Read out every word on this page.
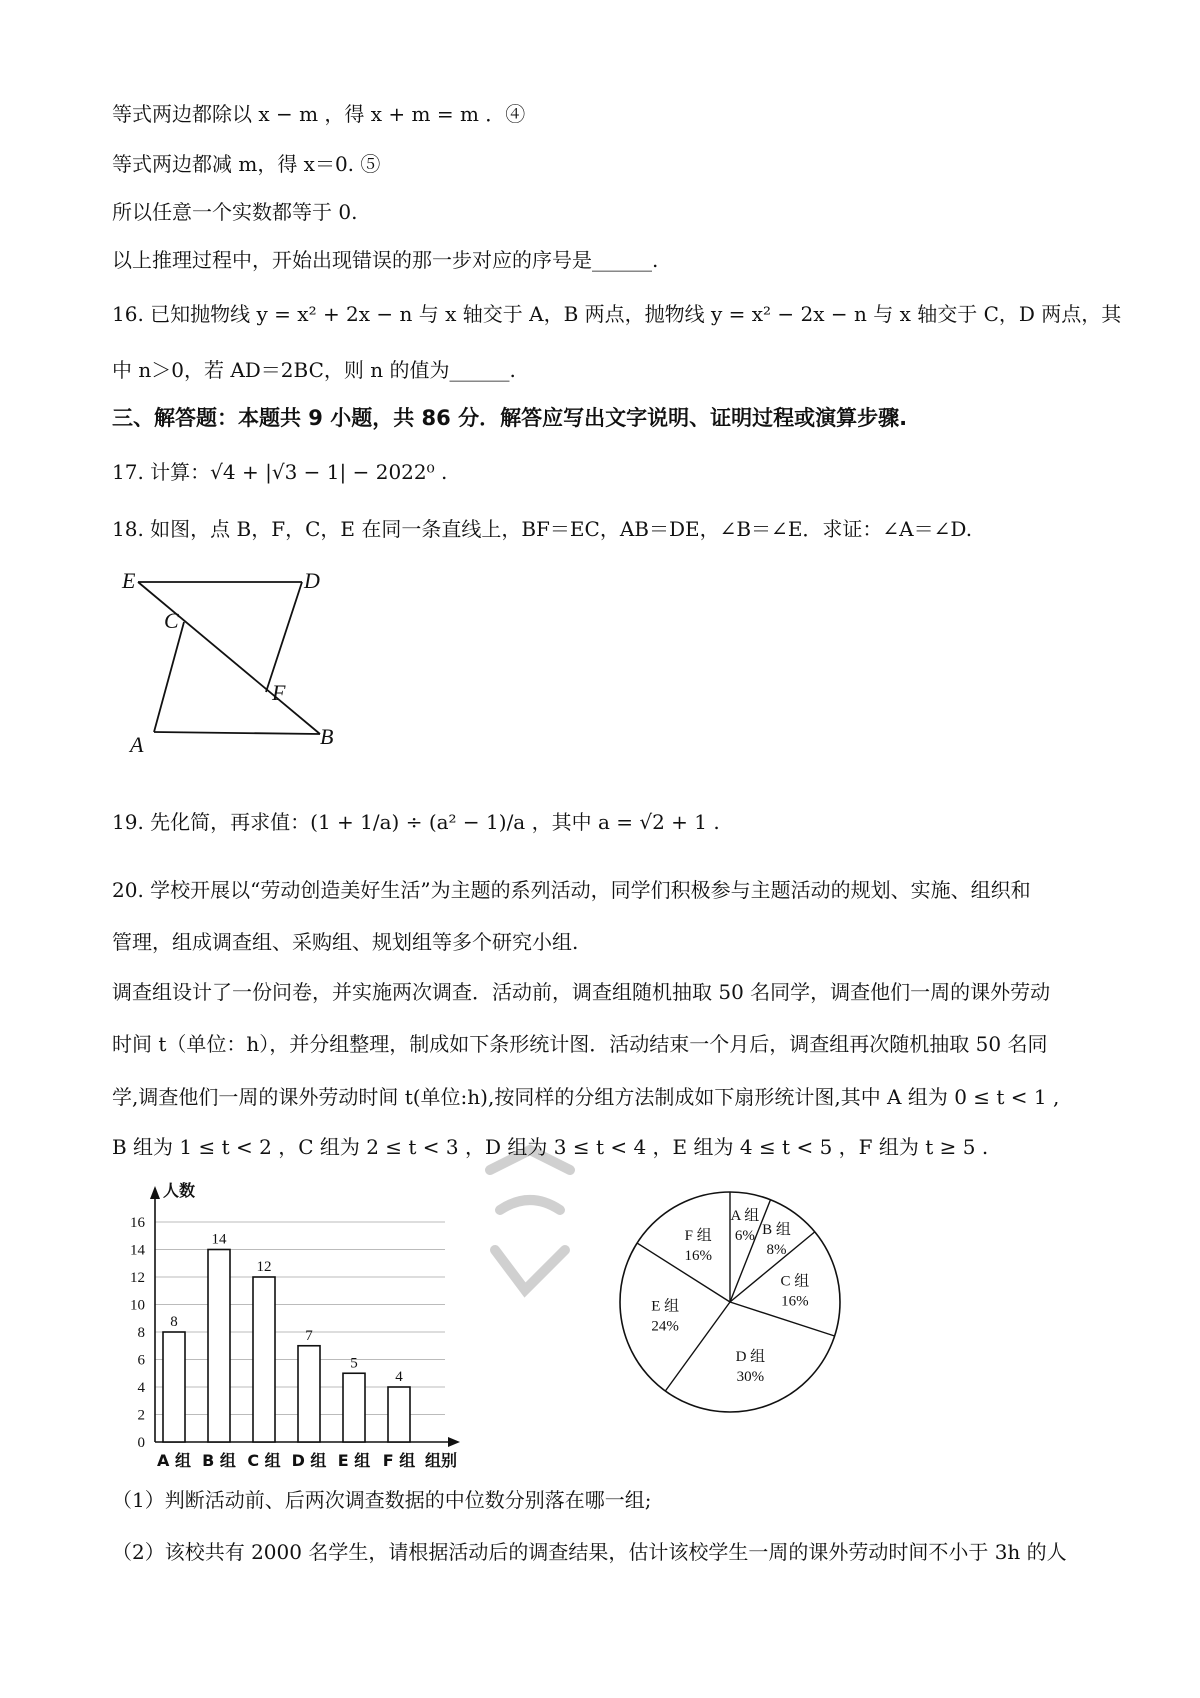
等式两边都除以 x − m ，得 x + m = m ．④
等式两边都减 m，得 x＝0. ⑤
所以任意一个实数都等于 0.
以上推理过程中，开始出现错误的那一步对应的序号是______.
16. 已知抛物线 y = x² + 2x − n 与 x 轴交于 A，B 两点，抛物线 y = x² − 2x − n 与 x 轴交于 C，D 两点，其
中 n＞0，若 AD＝2BC，则 n 的值为______.
三、解答题：本题共 9 小题，共 86 分．解答应写出文字说明、证明过程或演算步骤.
17. 计算：√4 + |√3 − 1| − 2022⁰ .
18. 如图，点 B，F，C，E 在同一条直线上，BF＝EC，AB＝DE，∠B＝∠E．求证：∠A＝∠D.
19. 先化简，再求值：(1 + 1/a) ÷ (a² − 1)/a ，其中 a = √2 + 1 .
20. 学校开展以“劳动创造美好生活”为主题的系列活动，同学们积极参与主题活动的规划、实施、组织和
管理，组成调查组、采购组、规划组等多个研究小组.
调查组设计了一份问卷，并实施两次调查．活动前，调查组随机抽取 50 名同学，调查他们一周的课外劳动
时间 t（单位：h），并分组整理，制成如下条形统计图．活动结束一个月后，调查组再次随机抽取 50 名同
学,调查他们一周的课外劳动时间 t(单位:h),按同样的分组方法制成如下扇形统计图,其中 A 组为 0 ≤ t < 1 ,
B 组为 1 ≤ t < 2 ，C 组为 2 ≤ t < 3 ，D 组为 3 ≤ t < 4 ，E 组为 4 ≤ t < 5 ，F 组为 t ≥ 5 .
（1）判断活动前、后两次调查数据的中位数分别落在哪一组;
（2）该校共有 2000 名学生，请根据活动后的调查结果，估计该校学生一周的课外劳动时间不小于 3h 的人
E	D
C
F
A	B
0
2
4
6
8
10
12
14
16
人数
组别
8
A 组
14
B 组
12
C 组
7
D 组
5
E 组
4
F 组
A 组
6% B 组
8%
C 组
16%
D 组
30%
E 组
24%
F 组
16%
